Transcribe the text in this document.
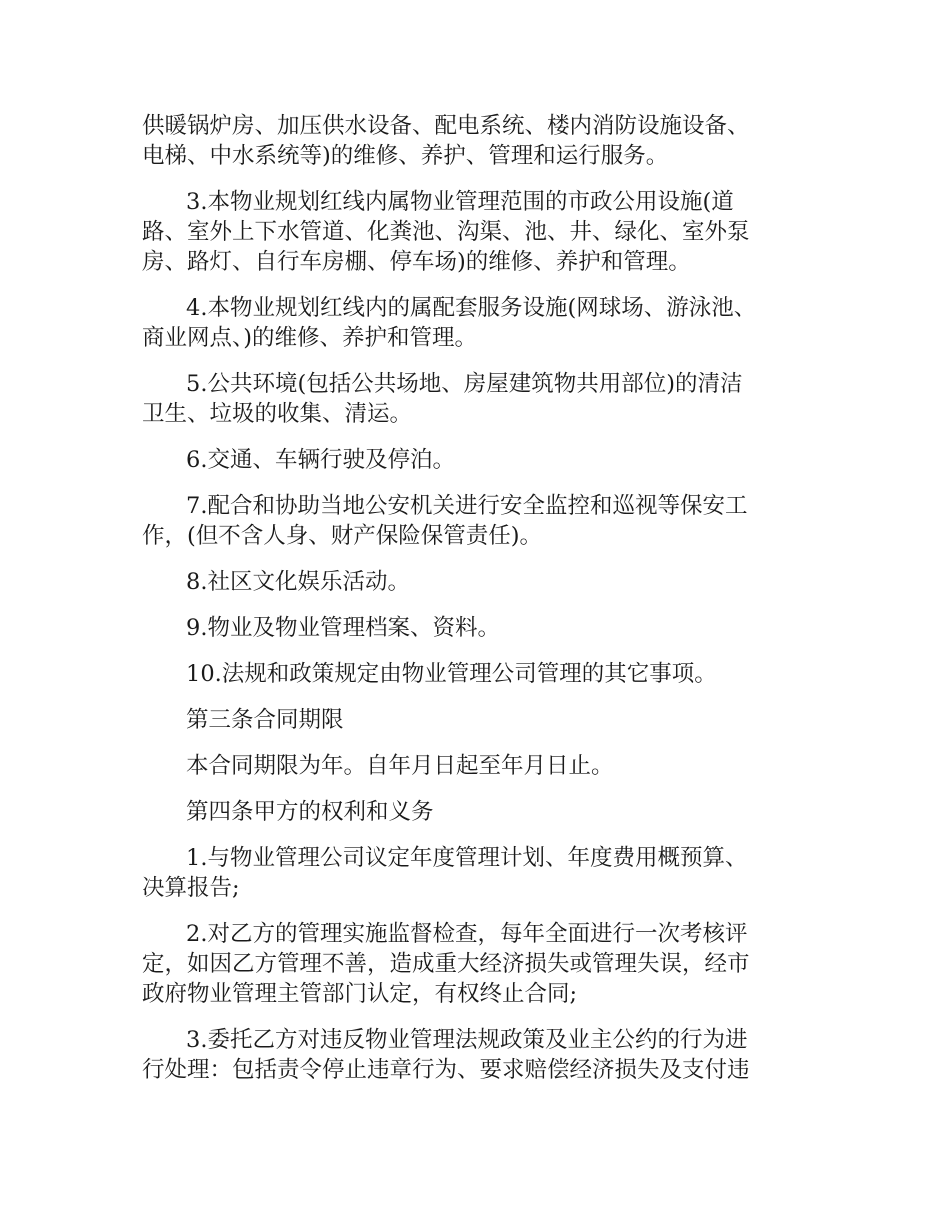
供暖锅炉房、加压供水设备、配电系统、楼内消防设施设备、
电梯、中水系统等)的维修、养护、管理和运行服务。

3.本物业规划红线内属物业管理范围的市政公用设施(道
路、室外上下水管道、化粪池、沟渠、池、井、绿化、室外泵
房、路灯、自行车房棚、停车场)的维修、养护和管理。

4.本物业规划红线内的属配套服务设施(网球场、游泳池、
商业网点、)的维修、养护和管理。

5.公共环境(包括公共场地、房屋建筑物共用部位)的清洁
卫生、垃圾的收集、清运。

6.交通、车辆行驶及停泊。

7.配合和协助当地公安机关进行安全监控和巡视等保安工
作，(但不含人身、财产保险保管责任)。

8.社区文化娱乐活动。

9.物业及物业管理档案、资料。

10.法规和政策规定由物业管理公司管理的其它事项。

第三条合同期限

本合同期限为年。自年月日起至年月日止。

第四条甲方的权利和义务

1.与物业管理公司议定年度管理计划、年度费用概预算、
决算报告;

2.对乙方的管理实施监督检查，每年全面进行一次考核评
定，如因乙方管理不善，造成重大经济损失或管理失误，经市
政府物业管理主管部门认定，有权终止合同;

3.委托乙方对违反物业管理法规政策及业主公约的行为进
行处理：包括责令停止违章行为、要求赔偿经济损失及支付违
